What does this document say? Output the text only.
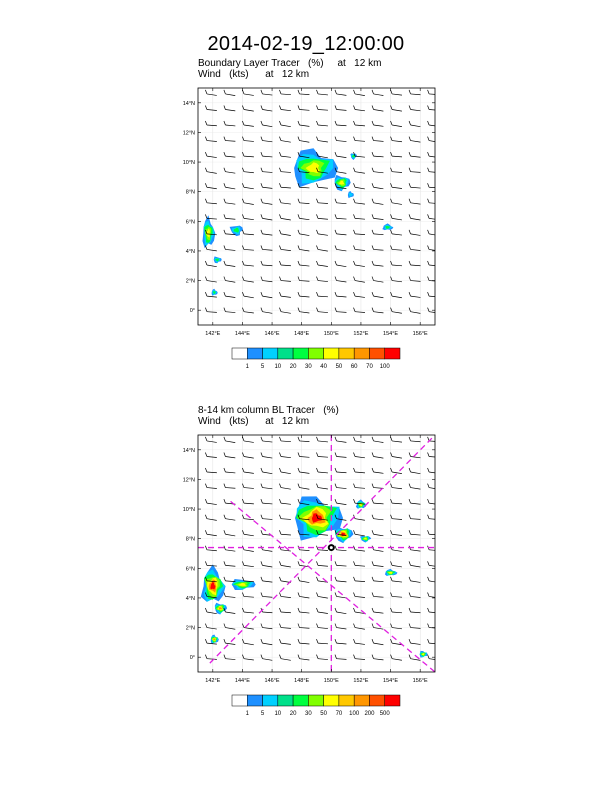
2014-02-19_12:00:00
Boundary Layer Tracer   (%)     at   12 km
Wind   (kts)      at   12 km
8-14 km column BL Tracer   (%)
Wind   (kts)      at   12 km
14°N
12°N
10°N
8°N
6°N
4°N
2°N
0°
142°E	144°E	146°E	148°E	150°E	152°E	154°E	156°E
14°N
12°N
10°N
8°N
6°N
4°N
2°N
0°
142°E	144°E	146°E	148°E	150°E	152°E	154°E	156°E
1	5	10	20	30	40	50	60	70	100
1	5	10	20	30	50	70	100 200 500
